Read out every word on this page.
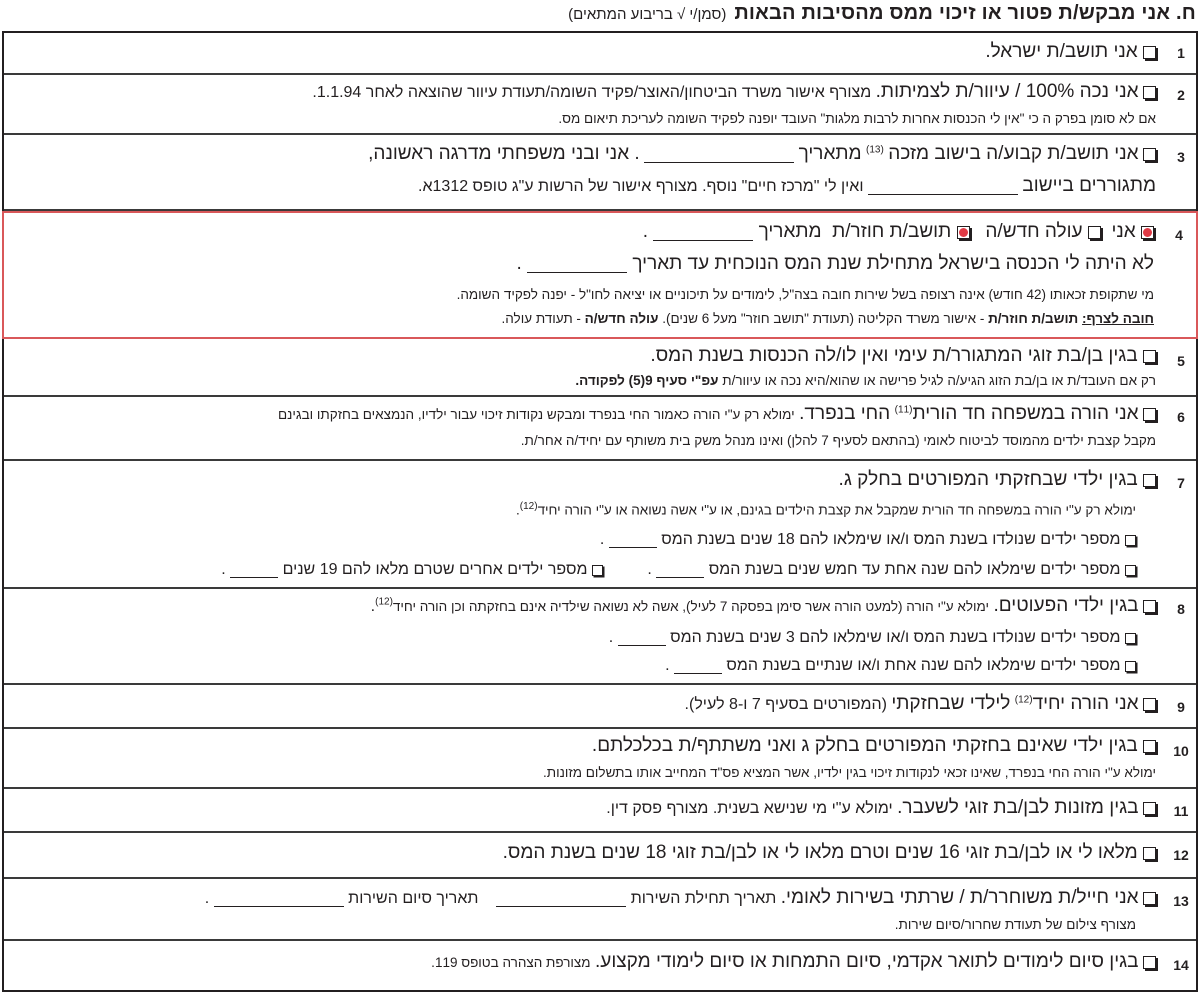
ח. אני מבקש/ת פטור או זיכוי ממס מהסיבות הבאות
(סמן/י √ בריבוע המתאים)
1
אני תושב/ת ישראל.
2
אני נכה 100% / עיוור/ת לצמיתות. מצורף אישור משרד הביטחון/האוצר/פקיד השומה/תעודת עיוור שהוצאה לאחר 1.1.94.
אם לא סומן בפרק ה כי "אין לי הכנסות אחרות לרבות מלגות" העובד יופנה לפקיד השומה לעריכת תיאום מס.
3
אני תושב/ת קבוע/ה בישוב מזכה $^{(13)}$ מתאריך  . אני ובני משפחתי מדרגה ראשונה,
מתגוררים ביישוב  ואין לי "מרכז חיים" נוסף. מצורף אישור של הרשות ע"ג טופס 1312א.
4
אני   עולה חדש/ה    תושב/ת חוזר/ת  מתאריך  .
לא היתה לי הכנסה בישראל מתחילת שנת המס הנוכחית עד תאריך  .
מי שתקופת זכאותו (42 חודש) אינה רצופה בשל שירות חובה בצה"ל, לימודים על תיכוניים או יציאה לחו"ל - יפנה לפקיד השומה.
חובה לצרף: תושב/ת חוזר/ת - אישור משרד הקליטה (תעודת "תושב חוזר" מעל 6 שנים). עולה חדש/ה - תעודת עולה.
5
בגין בן/בת זוגי המתגורר/ת עימי ואין לו/לה הכנסות בשנת המס.
רק אם העובד/ת או בן/בת הזוג הגיע/ה לגיל פרישה או שהוא/היא נכה או עיוור/ת עפ"י סעיף 9(5) לפקודה.
6
אני הורה במשפחה חד הורית$^{(11)}$ החי בנפרד. ימולא רק ע"י הורה כאמור החי בנפרד ומבקש נקודות זיכוי עבור ילדיו, הנמצאים בחזקתו ובגינם
מקבל קצבת ילדים מהמוסד לביטוח לאומי (בהתאם לסעיף 7 להלן) ואינו מנהל משק בית משותף עם יחיד/ה אחר/ת.
7
בגין ילדי שבחזקתי המפורטים בחלק ג.
ימולא רק ע"י הורה במשפחה חד הורית שמקבל את קצבת הילדים בגינם, או ע"י אשה נשואה או ע"י הורה יחיד$^{(12)}$.
מספר ילדים שנולדו בשנת המס ו/או שימלאו להם 18 שנים בשנת המס  .
מספר ילדים שימלאו להם שנה אחת עד חמש שנים בשנת המס  .           מספר ילדים אחרים שטרם מלאו להם 19 שנים  .
8
בגין ילדי הפעוטים. ימולא ע"י הורה (למעט הורה אשר סימן בפסקה 7 לעיל), אשה לא נשואה שילדיה אינם בחזקתה וכן הורה יחיד$^{(12)}$.
מספר ילדים שנולדו בשנת המס ו/או שימלאו להם 3 שנים בשנת המס  .
מספר ילדים שימלאו להם שנה אחת ו/או שנתיים בשנת המס  .
9
אני הורה יחיד$^{(12)}$ לילדי שבחזקתי (המפורטים בסעיף 7 ו-8 לעיל).
10
בגין ילדי שאינם בחזקתי המפורטים בחלק ג ואני משתתף/ת בכלכלתם.
ימולא ע"י הורה החי בנפרד, שאינו זכאי לנקודות זיכוי בגין ילדיו, אשר המציא פס"ד המחייב אותו בתשלום מזונות.
11
בגין מזונות לבן/בת זוגי לשעבר. ימולא ע"י מי שנישא בשנית. מצורף פסק דין.
12
מלאו לי או לבן/בת זוגי 16 שנים וטרם מלאו לי או לבן/בת זוגי 18 שנים בשנת המס.
13
אני חייל/ת משוחרר/ת / שרתתי בשירות לאומי. תאריך תחילת השירות     תאריך סיום השירות  .
מצורף צילום של תעודת שחרור/סיום שירות.
14
בגין סיום לימודים לתואר אקדמי, סיום התמחות או סיום לימודי מקצוע. מצורפת הצהרה בטופס 119.
